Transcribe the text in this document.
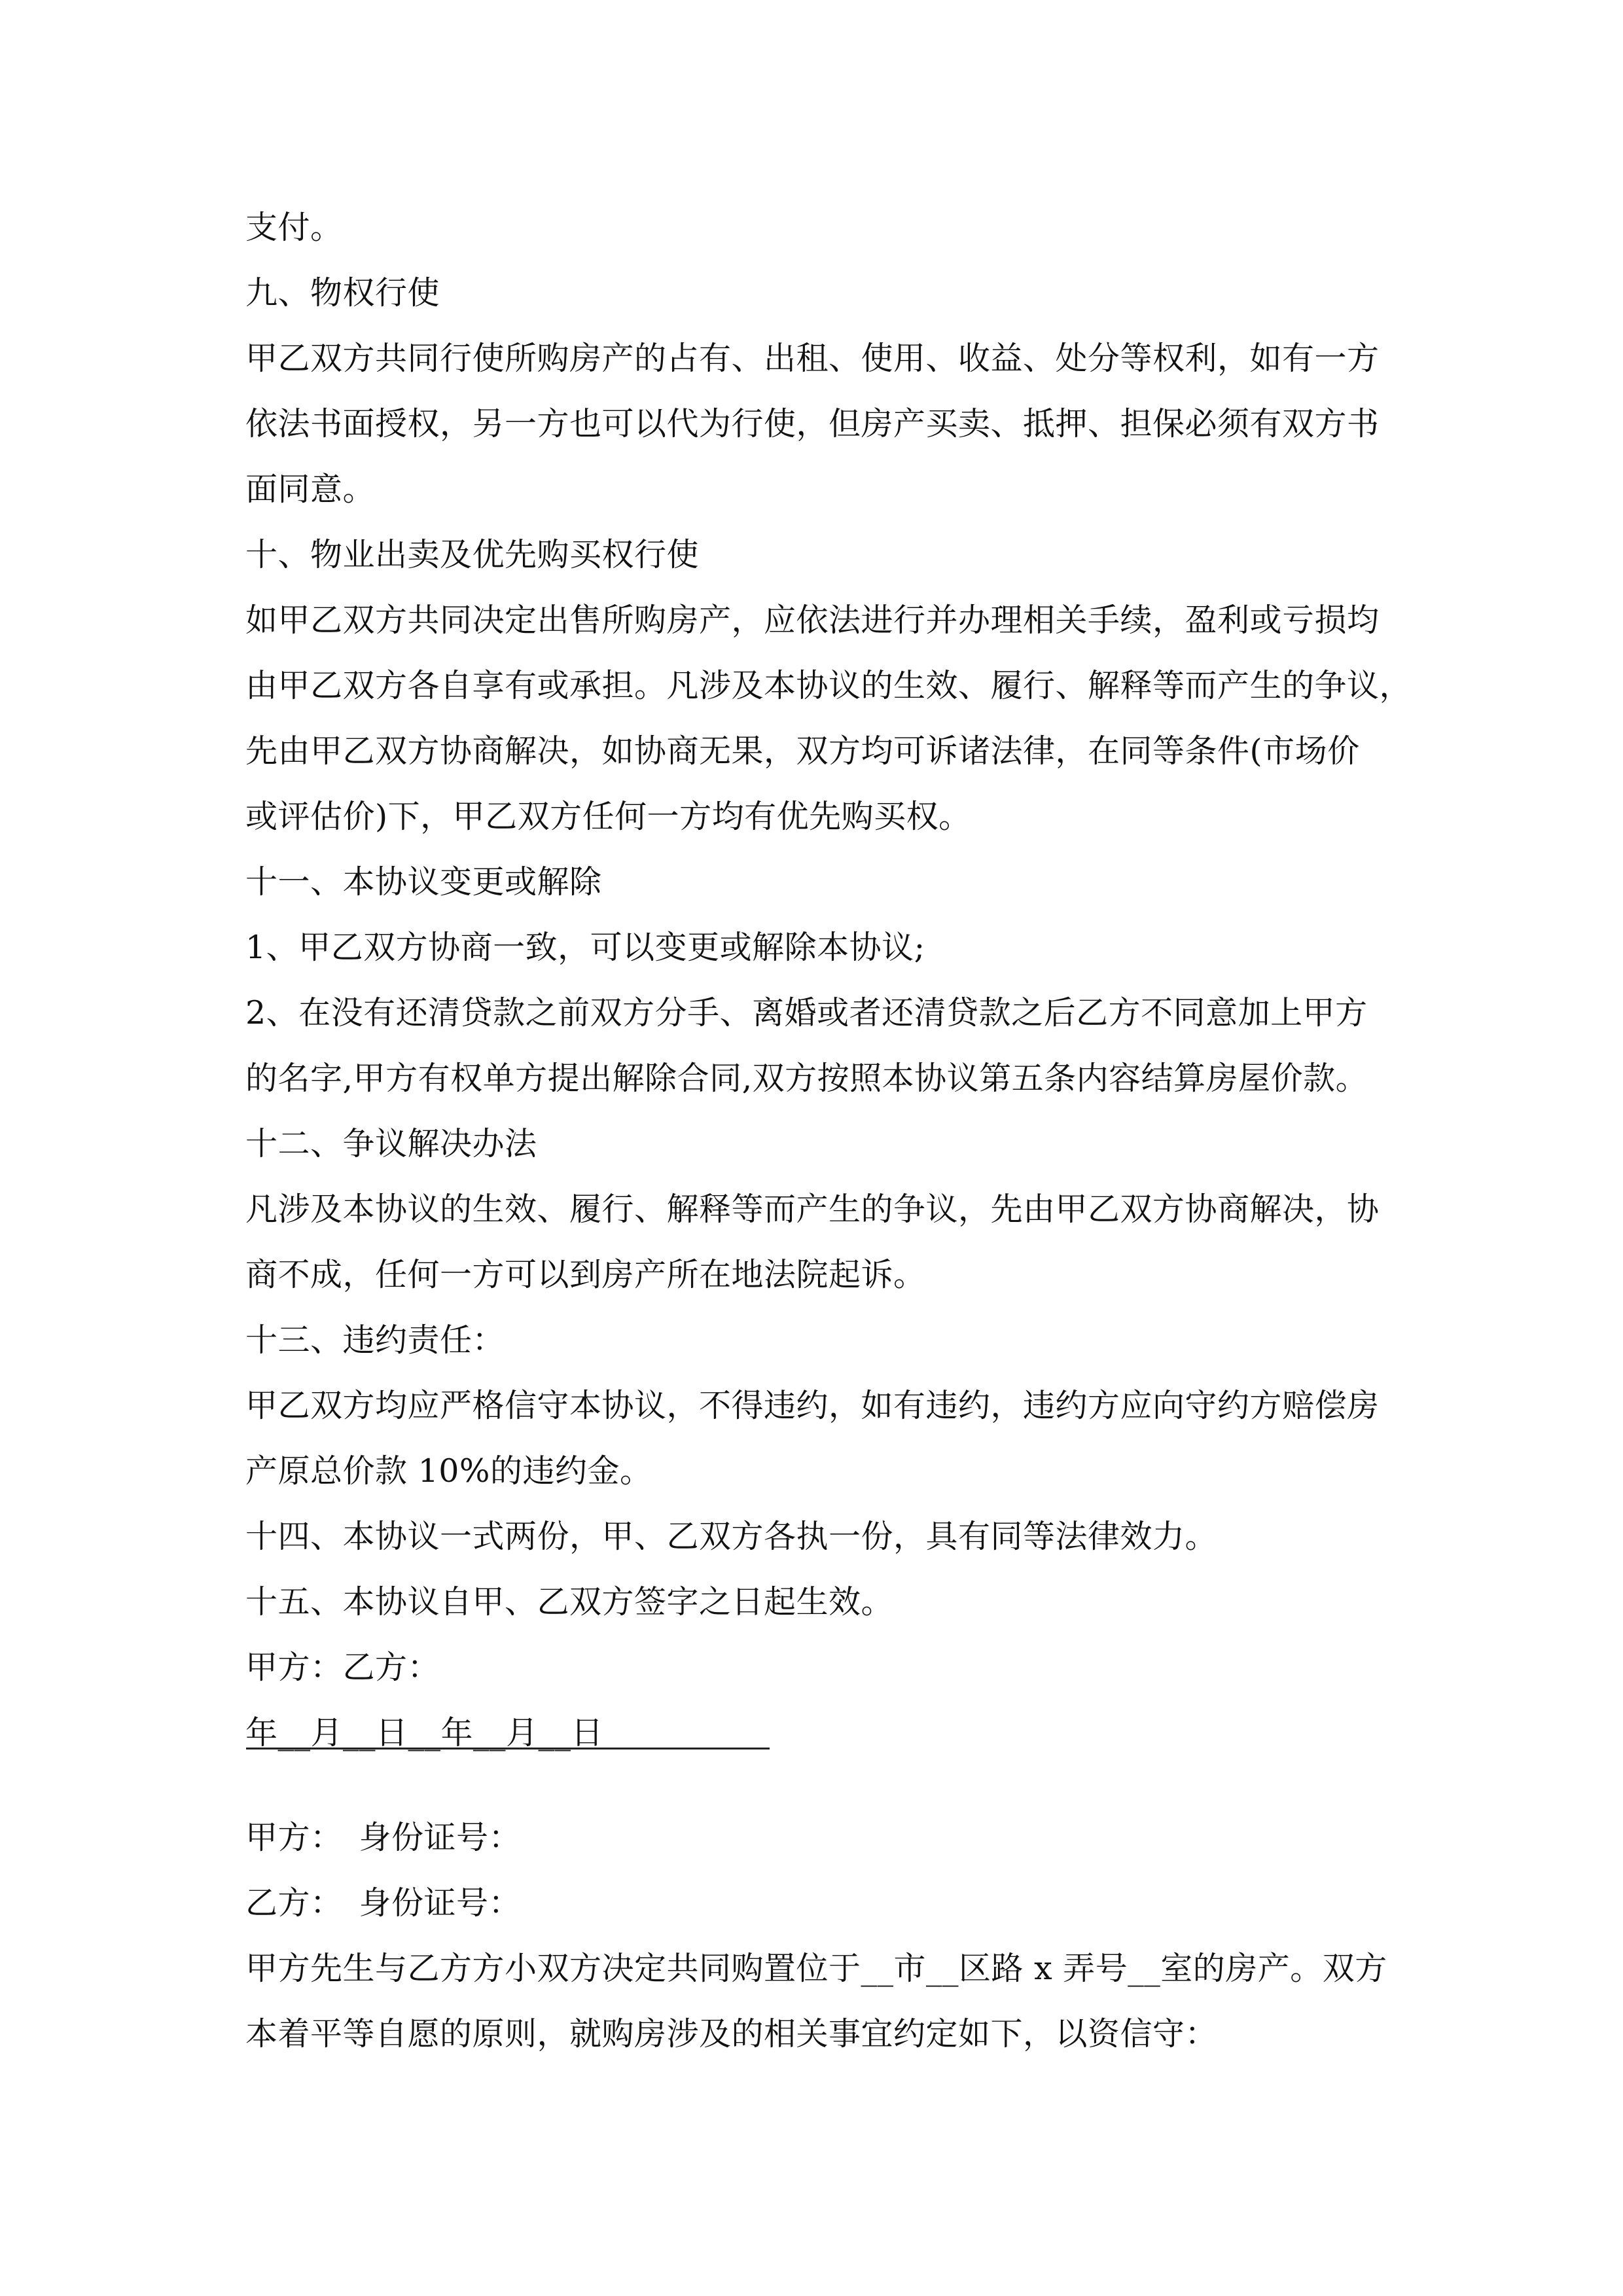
支付。
九、物权行使
甲乙双方共同行使所购房产的占有、出租、使用、收益、处分等权利，如有一方
依法书面授权，另一方也可以代为行使，但房产买卖、抵押、担保必须有双方书
面同意。
十、物业出卖及优先购买权行使
如甲乙双方共同决定出售所购房产，应依法进行并办理相关手续，盈利或亏损均
由甲乙双方各自享有或承担。凡涉及本协议的生效、履行、解释等而产生的争议，
先由甲乙双方协商解决，如协商无果，双方均可诉诸法律，在同等条件(市场价
或评估价)下，甲乙双方任何一方均有优先购买权。
十一、本协议变更或解除
1、甲乙双方协商一致，可以变更或解除本协议;
2、在没有还清贷款之前双方分手、离婚或者还清贷款之后乙方不同意加上甲方
的名字,甲方有权单方提出解除合同,双方按照本协议第五条内容结算房屋价款。
十二、争议解决办法
凡涉及本协议的生效、履行、解释等而产生的争议，先由甲乙双方协商解决，协
商不成，任何一方可以到房产所在地法院起诉。
十三、违约责任：
甲乙双方均应严格信守本协议，不得违约，如有违约，违约方应向守约方赔偿房
产原总价款 10%的违约金。
十四、本协议一式两份，甲、乙双方各执一份，具有同等法律效力。
十五、本协议自甲、乙双方签字之日起生效。
甲方：乙方：
年__月__日__年__月__日
甲方：　身份证号：
乙方：　身份证号：
甲方先生与乙方方小双方决定共同购置位于__市__区路 x 弄号__室的房产。双方
本着平等自愿的原则，就购房涉及的相关事宜约定如下，以资信守：
